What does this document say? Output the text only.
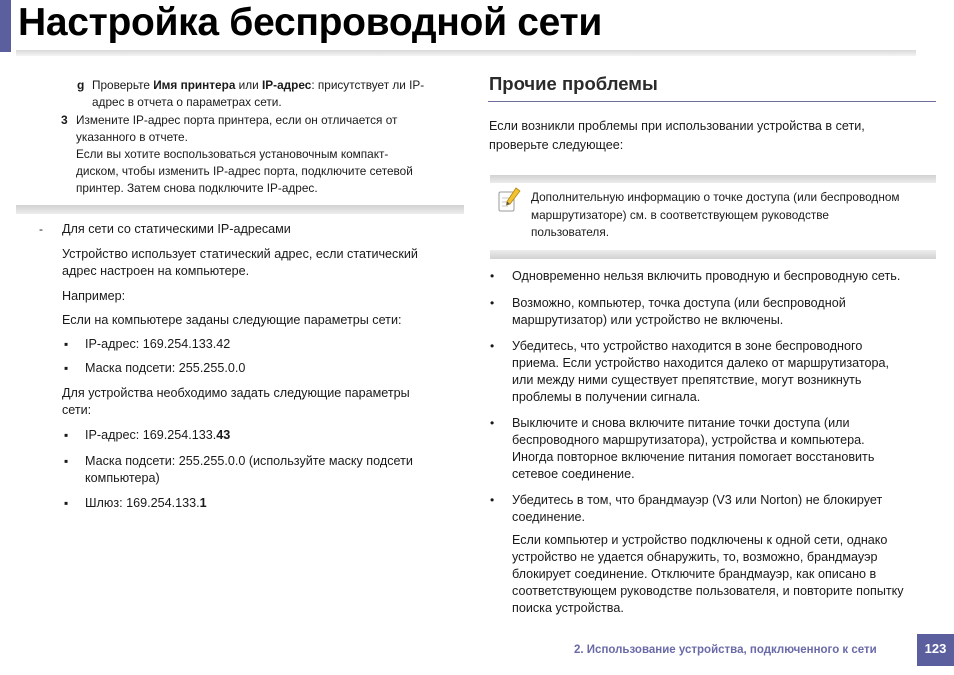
Настройка беспроводной сети
g Проверьте Имя принтера или IP-адрес: присутствует ли IP-
адрес в отчета о параметрах сети.
3 Измените IP-адрес порта принтера, если он отличается от
указанного в отчете.
Если вы хотите воспользоваться установочным компакт-
диском, чтобы изменить IP-адрес порта, подключите сетевой
принтер. Затем снова подключите IP-адрес.
- Для сети со статическими IP-адресами
Устройство использует статический адрес, если статический
адрес настроен на компьютере.
Например:
Если на компьютере заданы следующие параметры сети:
▪ IP-адрес: 169.254.133.42
▪ Маска подсети: 255.255.0.0
Для устройства необходимо задать следующие параметры
сети:
▪ IP-адрес: 169.254.133.43
▪ Маска подсети: 255.255.0.0 (используйте маску подсети
компьютера)
▪ Шлюз: 169.254.133.1
Прочие проблемы
Если возникли проблемы при использовании устройства в сети,
проверьте следующее:
Дополнительную информацию о точке доступа (или беспроводном
маршрутизаторе) см. в соответствующем руководстве
пользователя.
• Одновременно нельзя включить проводную и беспроводную сеть.
• Возможно, компьютер, точка доступа (или беспроводной
маршрутизатор) или устройство не включены.
• Убедитесь, что устройство находится в зоне беспроводного
приема. Если устройство находится далеко от маршрутизатора,
или между ними существует препятствие, могут возникнуть
проблемы в получении сигнала.
• Выключите и снова включите питание точки доступа (или
беспроводного маршрутизатора), устройства и компьютера.
Иногда повторное включение питания помогает восстановить
сетевое соединение.
• Убедитесь в том, что брандмауэр (V3 или Norton) не блокирует
соединение.
Если компьютер и устройство подключены к одной сети, однако
устройство не удается обнаружить, то, возможно, брандмауэр
блокирует соединение. Отключите брандмауэр, как описано в
соответствующем руководстве пользователя, и повторите попытку
поиска устройства.
2. Использование устройства, подключенного к сети	123
